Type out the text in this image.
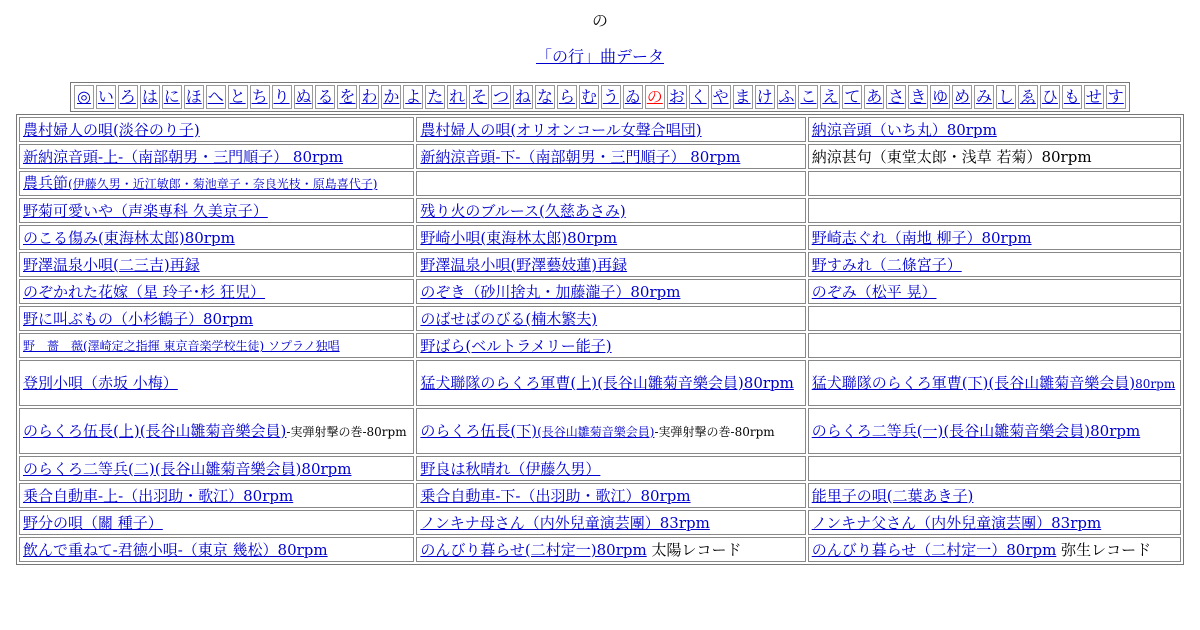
の
「の行」曲データ
◎ い ろ は に ほ へ と ち り ぬ る を わ か よ た れ そ つ ね な ら む う ゐ の お く や ま け ふ こ え て あ さ き ゆ め み し ゑ ひ も せ す
農村婦人の唄(淡谷のり子)	農村婦人の唄(オリオンコール女聲合唱団)	納涼音頭（いち丸）80rpm
新納涼音頭-上-（南部朝男・三門順子） 80rpm	新納涼音頭-下-（南部朝男・三門順子） 80rpm	納涼甚句（東堂太郎・浅草 若菊）80rpm
農兵節(伊藤久男・近江敏郎・菊池章子・奈良光枝・原島喜代子)		
野菊可愛いや（声楽専科 久美京子）	残り火のブルース(久慈あさみ)	
のこる傷み(東海林太郎)80rpm	野崎小唄(東海林太郎)80rpm	野崎志ぐれ（南地 柳子）80rpm
野澤温泉小唄(二三吉)再録	野澤温泉小唄(野澤藝妓蓮)再録	野すみれ（二條宮子）
のぞかれた花嫁（星 玲子･杉 狂児）	のぞき（砂川捨丸・加藤瀧子）80rpm	のぞみ（松平 晃）
野に叫ぶもの（小杉鶴子）80rpm	のばせばのびる(楠木繁夫)	
野　薔　薇(澤崎定之指揮 東京音楽学校生徒) ソプラノ独唱	野ばら(ベルトラメリー能子)	
登別小唄（赤坂 小梅）	猛犬聯隊のらくろ軍曹(上)(長谷山雛菊音樂会員)80rpm	猛犬聯隊のらくろ軍曹(下)(長谷山雛菊音樂会員)80rpm
のらくろ伍長(上)(長谷山雛菊音樂会員)-実弾射撃の巻-80rpm	のらくろ伍長(下)(長谷山雛菊音樂会員)-実弾射撃の巻-80rpm	のらくろ二等兵(一)(長谷山雛菊音樂会員)80rpm
のらくろ二等兵(二)(長谷山雛菊音樂会員)80rpm	野良は秋晴れ（伊藤久男）	
乗合自動車-上-（出羽助・歌江）80rpm	乗合自動車-下-（出羽助・歌江）80rpm	能里子の唄(二葉あき子)
野分の唄（關 種子）	ノンキナ母さん（内外兒童演芸團）83rpm	ノンキナ父さん（内外兒童演芸團）83rpm
飲んで重ねて-君徳小唄-（東京 幾松）80rpm	のんびり暮らせ(二村定一)80rpm 太陽レコード	のんびり暮らせ（二村定一）80rpm 弥生レコード
